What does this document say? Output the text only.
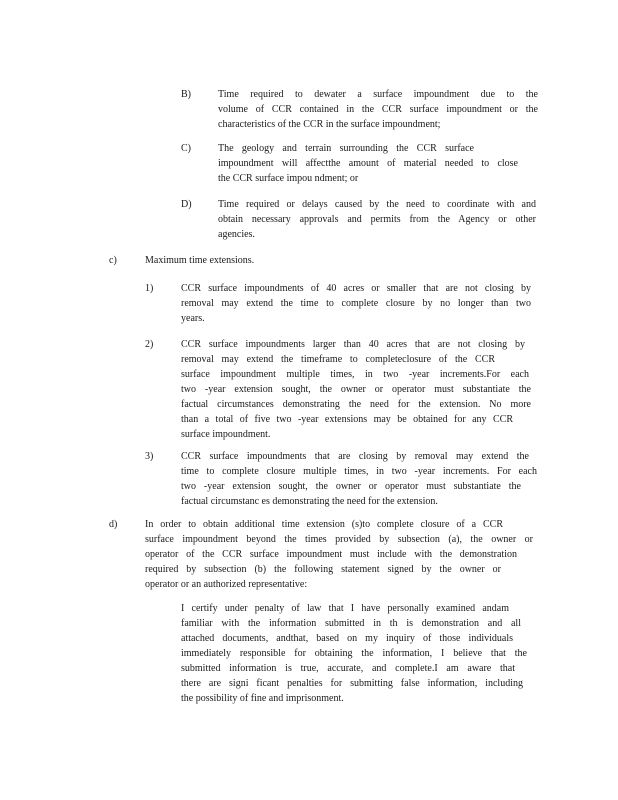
B)	Time required to dewater a surface impoundment due to the
volume of CCR contained in the CCR surface impoundment or the
characteristics of the CCR in the surface impoundment;
C)	The geology and terrain surrounding the CCR surface
impoundment will affectthe amount of material needed to close
the CCR surface impou ndment; or
D)	Time required or delays caused by the need to coordinate with and
obtain necessary approvals and permits from the Agency or other
agencies.
c)	Maximum time extensions.
1)	CCR surface impoundments of 40 acres or smaller that are not closing by
removal may extend the time to complete closure by no longer than two
years.
2)	CCR surface impoundments larger than 40 acres that are not closing by
removal may extend the timeframe to completeclosure of the CCR
surface impoundment multiple times, in two -year increments.For each
two -year extension sought, the owner or operator must substantiate the
factual circumstances demonstrating the need for the extension. No more
than a total of five two -year extensions may be obtained for any CCR
surface impoundment.
3)	CCR surface impoundments that are closing by removal may extend the
time to complete closure multiple times, in two -year increments. For each
two -year extension sought, the owner or operator must substantiate the
factual circumstanc es demonstrating the need for the extension.
d)	In order to obtain additional time extension (s)to complete closure of a CCR
surface impoundment beyond the times provided by subsection (a), the owner or
operator of the CCR surface impoundment must include with the demonstration
required by subsection (b) the following statement signed by the owner or
operator or an authorized representative:
I certify under penalty of law that I have personally examined andam
familiar with the information submitted in th is demonstration and all
attached documents, andthat, based on my inquiry of those individuals
immediately responsible for obtaining the information, I believe that the
submitted information is true, accurate, and complete.I am aware that
there are signi ficant penalties for submitting false information, including
the possibility of fine and imprisonment.
